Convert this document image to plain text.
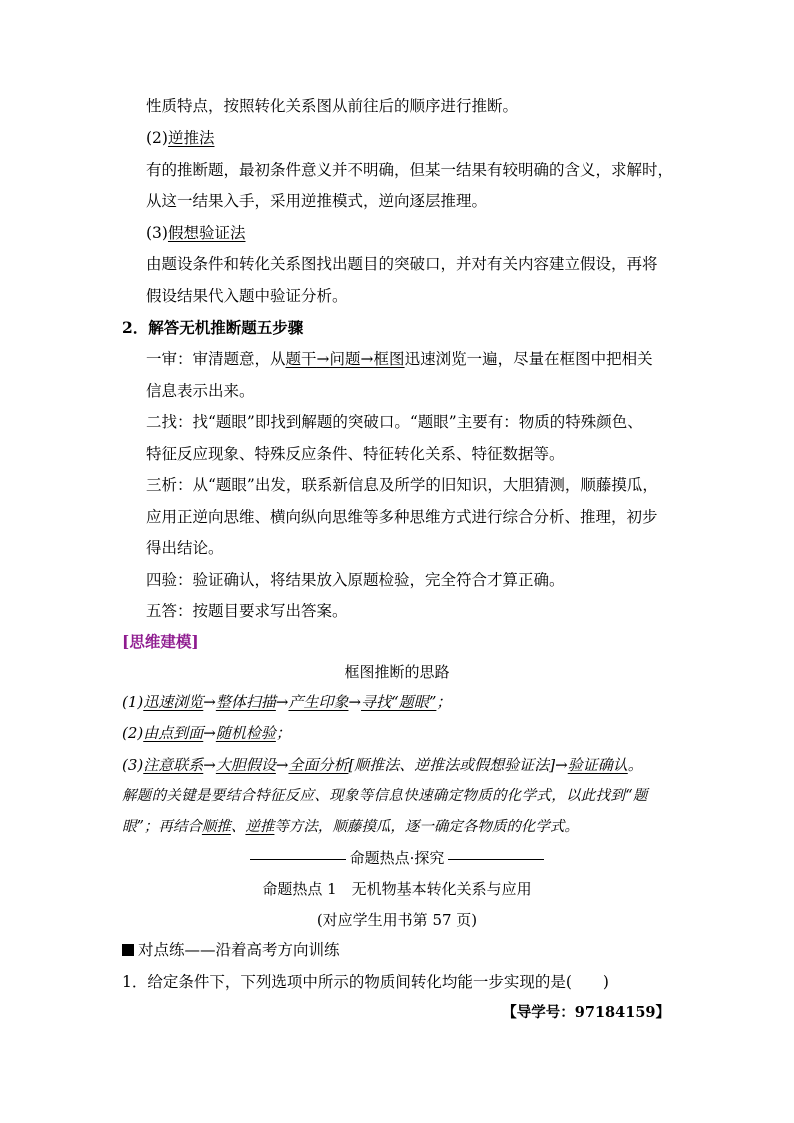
性质特点，按照转化关系图从前往后的顺序进行推断。
(2)逆推法
有的推断题，最初条件意义并不明确，但某一结果有较明确的含义，求解时，
从这一结果入手，采用逆推模式，逆向逐层推理。
(3)假想验证法
由题设条件和转化关系图找出题目的突破口，并对有关内容建立假设，再将
假设结果代入题中验证分析。
2．解答无机推断题五步骤
一审：审清题意，从题干→问题→框图迅速浏览一遍，尽量在框图中把相关
信息表示出来。
二找：找“题眼”即找到解题的突破口。“题眼”主要有：物质的特殊颜色、
特征反应现象、特殊反应条件、特征转化关系、特征数据等。
三析：从“题眼”出发，联系新信息及所学的旧知识，大胆猜测，顺藤摸瓜，
应用正逆向思维、横向纵向思维等多种思维方式进行综合分析、推理，初步
得出结论。
四验：验证确认，将结果放入原题检验，完全符合才算正确。
五答：按题目要求写出答案。
[思维建模]
框图推断的思路
(1)迅速浏览→整体扫描→产生印象→寻找“题眼”；
(2)由点到面→随机检验；
(3)注意联系→大胆假设→全面分析[顺推法、逆推法或假想验证法]→验证确认。
解题的关键是要结合特征反应、现象等信息快速确定物质的化学式，以此找到“题
眼”；再结合顺推、逆推等方法，顺藤摸瓜，逐一确定各物质的化学式。
命题热点·探究
命题热点 1　无机物基本转化关系与应用
(对应学生用书第 57 页)
对点练——沿着高考方向训练
1．给定条件下，下列选项中所示的物质间转化均能一步实现的是(　　)
【导学号：97184159】
